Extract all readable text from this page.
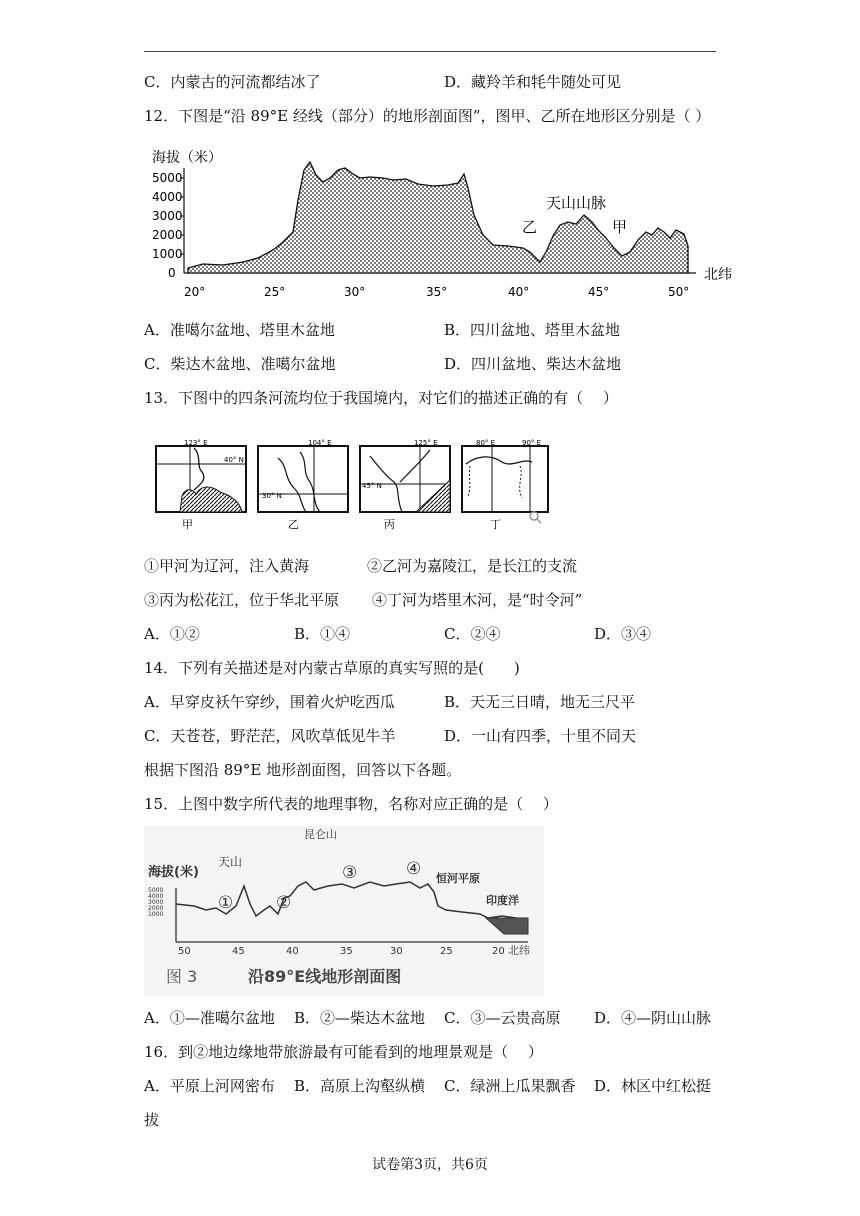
C．内蒙古的河流都结冰了	D．藏羚羊和牦牛随处可见
12．下图是“沿 89°E 经线（部分）的地形剖面图”，图甲、乙所在地形区分别是（ ）
海拔（米）
5000
4000
3000
2000
1000
0
天山山脉
乙	甲
20°	25°	30°	35°	40°	45°	50°
北纬
A．准噶尔盆地、塔里木盆地	B．四川盆地、塔里木盆地
C．柴达木盆地、准噶尔盆地	D．四川盆地、柴达木盆地
13．下图中的四条河流均位于我国境内，对它们的描述正确的有（　 ）
123° E
40° N
甲
104° E
30° N
乙
125° E
45° N
丙
80° E	90° E
丁
①甲河为辽河，注入黄海	②乙河为嘉陵江，是长江的支流
③丙为松花江，位于华北平原 ④丁河为塔里木河，是“时令河”
A．①②	B．①④	C．②④	D．③④
14．下列有关描述是对内蒙古草原的真实写照的是(　　)
A．早穿皮袄午穿纱，围着火炉吃西瓜	B．天无三日晴，地无三尺平
C．天苍苍，野茫茫，风吹草低见牛羊	D．一山有四季，十里不同天
根据下图沿 89°E 地形剖面图，回答以下各题。
15．上图中数字所代表的地理事物，名称对应正确的是（　 ）
海拔(米)
5000
4000
3000
2000
1000
天山
昆仑山
恒河平原
印度洋
①	②
③	④
50	45	40	35	30	25	20 北纬
图 3	沿89°E线地形剖面图
A．①—准噶尔盆地 B．②—柴达木盆地 C．③—云贵高原 D．④—阴山山脉
16．到②地边缘地带旅游最有可能看到的地理景观是（　 ）
A．平原上河网密布 B．高原上沟壑纵横 C．绿洲上瓜果飘香 D．林区中红松挺
拔
试卷第3页，共6页
